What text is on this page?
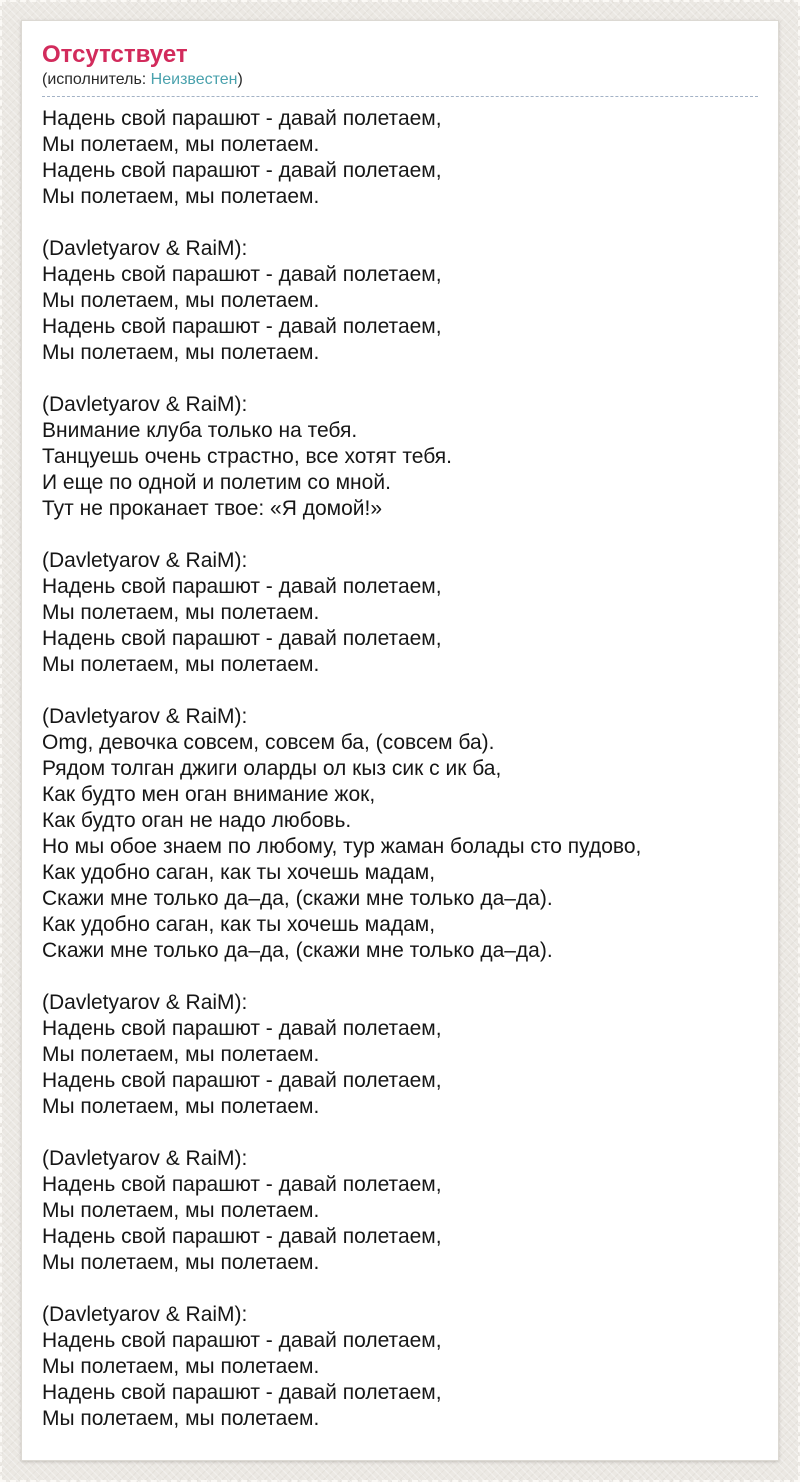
Отсутствует
(исполнитель: Неизвестен)
Надень свой парашют - давай полетаем,
Мы полетаем, мы полетаем.
Надень свой парашют - давай полетаем,
Мы полетаем, мы полетаем.

(Davletyarov & RaiM):
Надень свой парашют - давай полетаем,
Мы полетаем, мы полетаем.
Надень свой парашют - давай полетаем,
Мы полетаем, мы полетаем.

(Davletyarov & RaiM):
Внимание клуба только на тебя.
Танцуешь очень страстно, все хотят тебя.
И еще по одной и полетим со мной.
Тут не проканает твое: «Я домой!»

(Davletyarov & RaiM):
Надень свой парашют - давай полетаем,
Мы полетаем, мы полетаем.
Надень свой парашют - давай полетаем,
Мы полетаем, мы полетаем.

(Davletyarov & RaiM):
Omg, девочка совсем, совсем ба, (совсем ба).
Рядом толган джиги оларды ол кыз сик с ик ба,
Как будто мен оган внимание жок,
Как будто оган не надо любовь.
Но мы обое знаем по любому, тур жаман болады сто пудово,
Как удобно саган, как ты хочешь мадам,
Скажи мне только да–да, (скажи мне только да–да).
Как удобно саган, как ты хочешь мадам,
Скажи мне только да–да, (скажи мне только да–да).

(Davletyarov & RaiM):
Надень свой парашют - давай полетаем,
Мы полетаем, мы полетаем.
Надень свой парашют - давай полетаем,
Мы полетаем, мы полетаем.

(Davletyarov & RaiM):
Надень свой парашют - давай полетаем,
Мы полетаем, мы полетаем.
Надень свой парашют - давай полетаем,
Мы полетаем, мы полетаем.

(Davletyarov & RaiM):
Надень свой парашют - давай полетаем,
Мы полетаем, мы полетаем.
Надень свой парашют - давай полетаем,
Мы полетаем, мы полетаем.
